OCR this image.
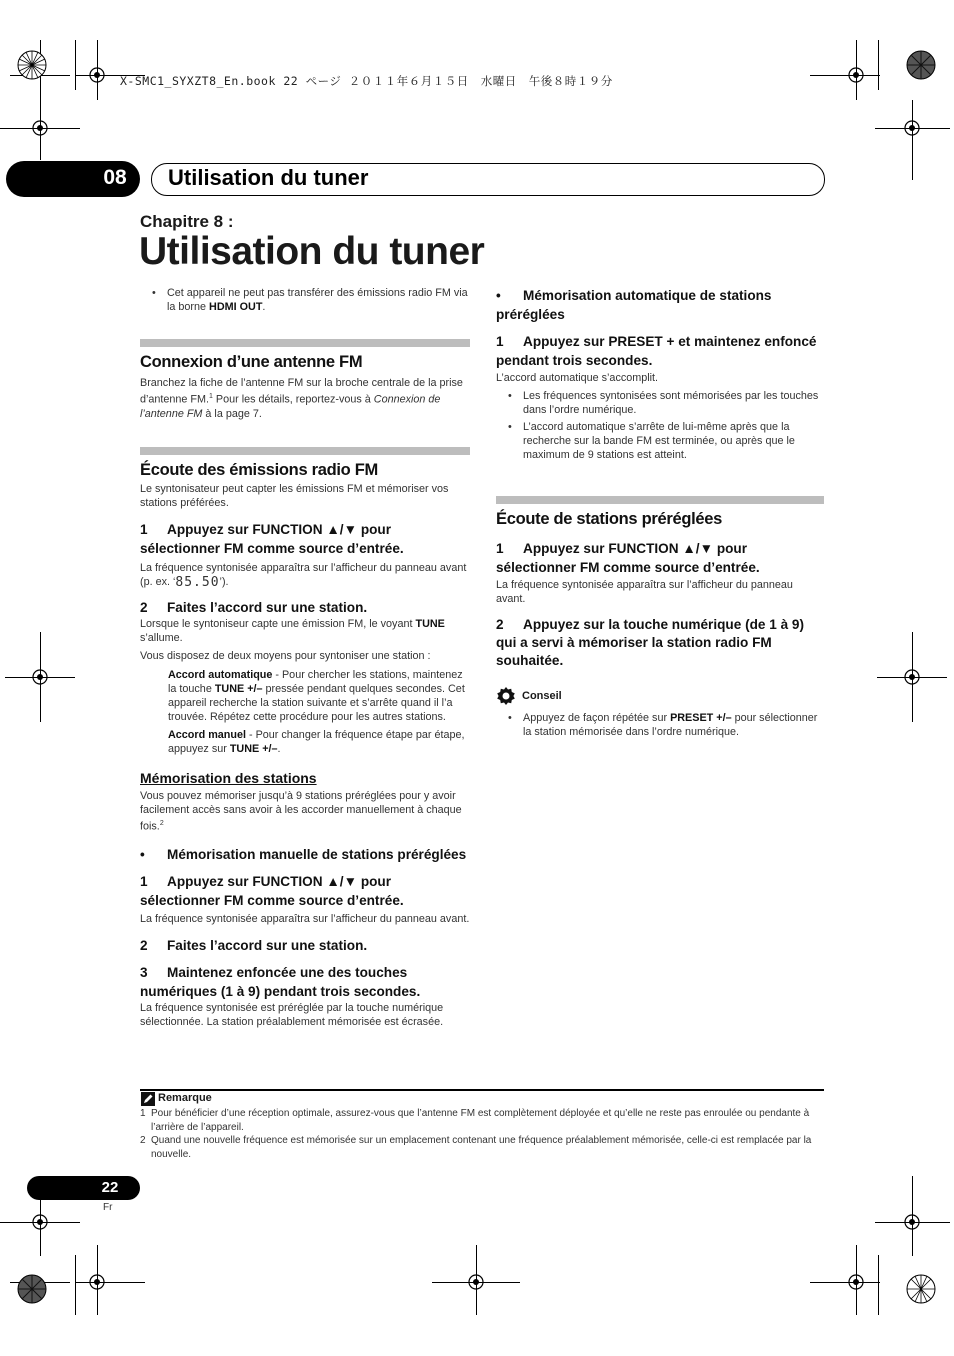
X-SMC1_SYXZT8_En.book 22 ページ ２０１１年６月１５日　水曜日　午後８時１９分
08	Utilisation du tuner
Chapitre 8 :
Utilisation du tuner
• Cet appareil ne peut pas transférer des émissions radio FM via la borne HDMI OUT.
Connexion d’une antenne FM

Branchez la fiche de l’antenne FM sur la broche centrale de la prise d’antenne FM.$^1$ Pour les détails, reportez-vous à Connexion de l’antenne FM à la page 7.

Écoute des émissions radio FM

Le syntonisateur peut capter les émissions FM et mémoriser vos stations préférées.

1 Appuyez sur FUNCTION ▲/▼ pour sélectionner FM comme source d’entrée.

La fréquence syntonisée apparaîtra sur l’afficheur du panneau avant (p. ex. ‘85.50’).

2 Faites l’accord sur une station.

Lorsque le syntoniseur capte une émission FM, le voyant TUNE s’allume.

Vous disposez de deux moyens pour syntoniser une station :

Accord automatique - Pour chercher les stations, maintenez la touche TUNE +/– pressée pendant quelques secondes. Cet appareil recherche la station suivante et s’arrête quand il l’a trouvée. Répétez cette procédure pour les autres stations.

Accord manuel - Pour changer la fréquence étape par étape, appuyez sur TUNE +/–.

Mémorisation des stations

Vous pouvez mémoriser jusqu’à 9 stations préréglées pour y avoir facilement accès sans avoir à les accorder manuellement à chaque fois.$^2$

• Mémorisation manuelle de stations préréglées
1 Appuyez sur FUNCTION ▲/▼ pour sélectionner FM comme source d’entrée.

La fréquence syntonisée apparaîtra sur l’afficheur du panneau avant.

2 Faites l’accord sur une station.
3 Maintenez enfoncée une des touches numériques (1 à 9) pendant trois secondes.

La fréquence syntonisée est préréglée par la touche numérique sélectionnée. La station préalablement mémorisée est écrasée.

• Mémorisation automatique de stations préréglées
1 Appuyez sur PRESET + et maintenez enfoncé pendant trois secondes.

L’accord automatique s’accomplit.

• Les fréquences syntonisées sont mémorisées par les touches dans l’ordre numérique.
• L’accord automatique s’arrête de lui-même après que la recherche sur la bande FM est terminée, ou après que le maximum de 9 stations est atteint.
Écoute de stations préréglées
1 Appuyez sur FUNCTION ▲/▼ pour sélectionner FM comme source d’entrée.

La fréquence syntonisée apparaîtra sur l’afficheur du panneau avant.

2 Appuyez sur la touche numérique (de 1 à 9) qui a servi à mémoriser la station radio FM souhaitée.
Conseil
• Appuyez de façon répétée sur PRESET +/– pour sélectionner la station mémorisée dans l’ordre numérique.
Remarque
1 Pour bénéficier d’une réception optimale, assurez-vous que l’antenne FM est complètement déployée et qu’elle ne reste pas enroulée ou pendante à l’arrière de l’appareil.
2 Quand une nouvelle fréquence est mémorisée sur un emplacement contenant une fréquence préalablement mémorisée, celle-ci est remplacée par la nouvelle.
22
Fr
